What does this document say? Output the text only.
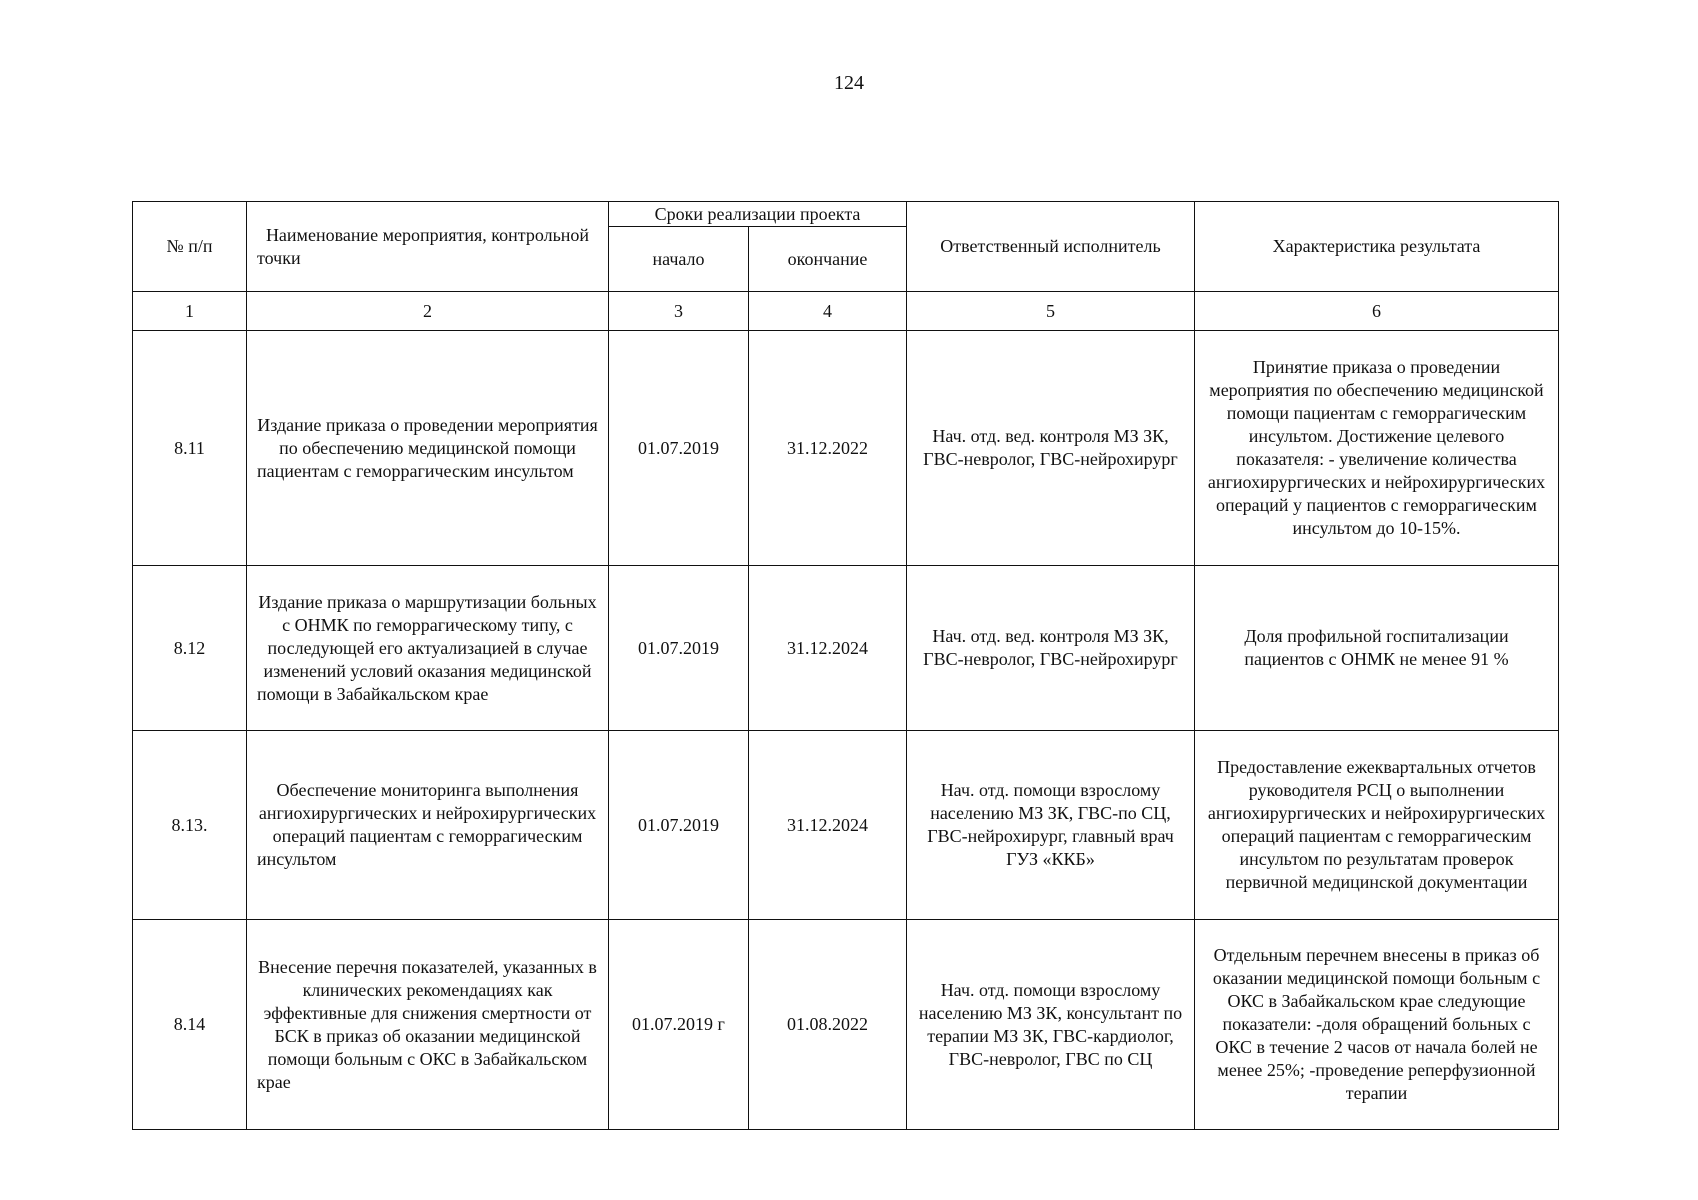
124
№ п/п	Наименование мероприятия, контрольной точки	Сроки реализации проекта		Ответственный исполнитель	Характеристика результата
		начало	окончание		
1	2	3	4	5	6
8.11	Издание приказа о проведении мероприятия по обеспечению медицинской помощи пациентам с геморрагическим инсультом	01.07.2019	31.12.2022	Нач. отд. вед. контроля МЗ ЗК, ГВС-невролог, ГВС-нейрохирург	Принятие приказа о проведении мероприятия по обеспечению медицинской помощи пациентам с геморрагическим инсультом. Достижение целевого показателя: - увеличение количества ангиохирургических и нейрохирургических операций у пациентов с геморрагическим инсультом до 10-15%.
8.12	Издание приказа о маршрутизации больных с ОНМК по геморрагическому типу, с последующей его актуализацией в случае изменений условий оказания медицинской помощи в Забайкальском крае	01.07.2019	31.12.2024	Нач. отд. вед. контроля МЗ ЗК, ГВС-невролог, ГВС-нейрохирург	Доля профильной госпитализации пациентов с ОНМК не менее 91 %
8.13.	Обеспечение мониторинга выполнения ангиохирургических и нейрохирургических операций пациентам с геморрагическим инсультом	01.07.2019	31.12.2024	Нач. отд. помощи взрослому населению МЗ ЗК, ГВС-по СЦ, ГВС-нейрохирург, главный врач ГУЗ «ККБ»	Предоставление ежеквартальных отчетов руководителя РСЦ о выполнении ангиохирургических и нейрохирургических операций пациентам с геморрагическим инсультом по результатам проверок первичной медицинской документации
8.14	Внесение перечня показателей, указанных в клинических рекомендациях как эффективные для снижения смертности от БСК в приказ об оказании медицинской помощи больным с ОКС в Забайкальском крае	01.07.2019 г	01.08.2022	Нач. отд. помощи взрослому населению МЗ ЗК, консультант по терапии МЗ ЗК, ГВС-кардиолог, ГВС-невролог, ГВС по СЦ	Отдельным перечнем внесены в приказ об оказании медицинской помощи больным с ОКС в Забайкальском крае следующие показатели: -доля обращений больных с ОКС в течение 2 часов от начала болей не менее 25%; -проведение реперфузионной терапии
